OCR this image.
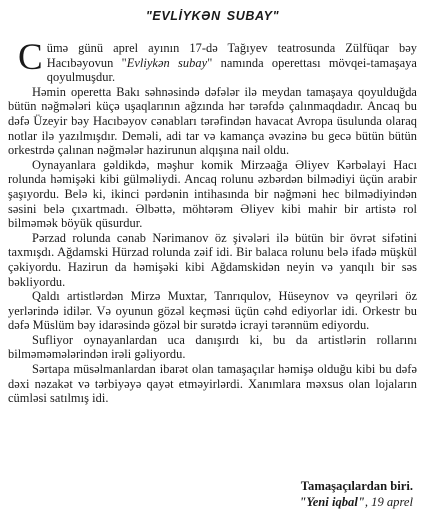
"EVLİYKƏN SUBAY"

Cümə günü aprel ayının 17-də Tağıyev teatrosunda Zülfüqar bəy Hacıbəyovun "Evliykən subay" namında operettası mövqei-tamaşaya qoyulmuşdur.

Həmin operetta Bakı səhnəsində dəfələr ilə meydan tamaşaya qoyulduğda bütün nəğmələri küçə uşaqlarının ağzında hər tərəfdə çalınmaqdadır. Ancaq bu dəfə Üzeyir bəy Hacıbəyov cənabları tərəfindən havacat Avropa üsulunda olaraq notlar ilə yazılmışdır. Deməli, adi tar və kamança əvəzinə bu gecə bütün bütün orkestrdə çalınan nəğmələr hazirunun alqışına nail oldu.

Oynayanlara gəldikdə, məşhur komik Mirzəağa Əliyev Kərbəlayi Hacı rolunda həmişəki kibi gülməliydi. Ancaq rolunu əzbərdən bilmədiyi üçün arabir şaşıyordu. Belə ki, ikinci pərdənin intihasında bir nəğməni hec bilmədiyindən səsini belə çıxartmadı. Əlbəttə, möhtərəm Əliyev kibi mahir bir artistə rol bilməmək böyük qüsurdur.

Pərzad rolunda cənab Nərimanov öz şivələri ilə bütün bir övrət sifətini taxmışdı. Ağdamski Hürzad rolunda zəif idi. Bir balaca rolunu belə ifadə müşkül çəkiyordu. Hazirun da həmişəki kibi Ağdamskidən neyin və yanqılı bir səs bəkliyordu.

Qaldı artistlərdən Mirzə Muxtar, Tanrıqulov, Hüseynov və qeyriləri öz yerlərində idilər. Və oyunun gözəl keçməsi üçün cəhd ediyorlar idi. Orkestr bu dəfə Müslüm bəy idarəsində gözəl bir surətdə icrayi tərənnüm ediyordu.

Sufliyor oynayanlardan uca danışırdı ki, bu da artistlərin rollarını bilməməmələrindən irəli gəliyordu.

Sərtapa müsəlmanlardan ibarət olan tamaşaçılar həmişə olduğu kibi bu dəfə dəxi nəzakət və tərbiyəyə qayət etməyirlərdi. Xanımlara məxsus olan lojaların cümləsi satılmış idi.

Tamaşaçılardan biri.
"Yeni iqbal", 19 aprel
